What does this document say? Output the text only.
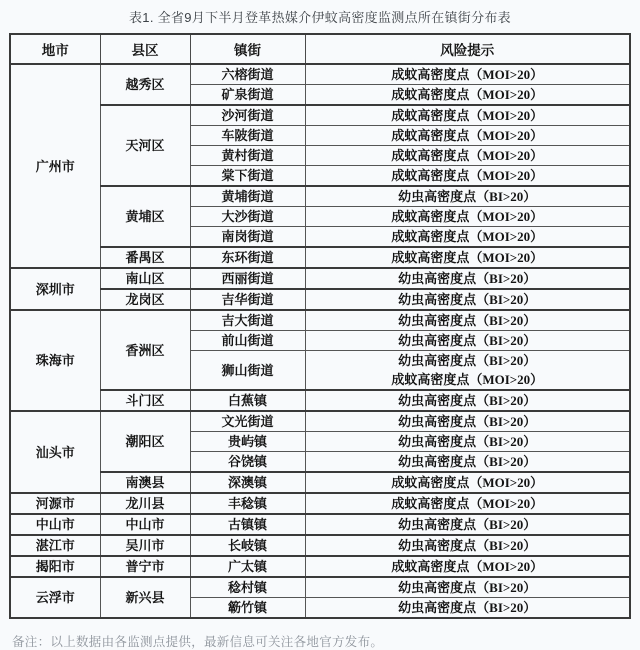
表1. 全省9月下半月登革热媒介伊蚊高密度监测点所在镇街分布表
地市	县区	镇街	风险提示
广州市	越秀区	六榕街道	成蚊高密度点（MOI>20）

		矿泉街道	成蚊高密度点（MOI>20）

	天河区	沙河街道	成蚊高密度点（MOI>20）

		车陂街道	成蚊高密度点（MOI>20）

		黄村街道	成蚊高密度点（MOI>20）

		棠下街道	成蚊高密度点（MOI>20）

	黄埔区	黄埔街道	幼虫高密度点（BI>20）

		大沙街道	成蚊高密度点（MOI>20）

		南岗街道	成蚊高密度点（MOI>20）

	番禺区	东环街道	成蚊高密度点（MOI>20）

深圳市	南山区	西丽街道	幼虫高密度点（BI>20）

	龙岗区	吉华街道	幼虫高密度点（BI>20）

珠海市	香洲区	吉大街道	幼虫高密度点（BI>20）

		前山街道	幼虫高密度点（BI>20）

		狮山街道	幼虫高密度点（BI>20）
成蚊高密度点（MOI>20）

	斗门区	白蕉镇	幼虫高密度点（BI>20）

汕头市	潮阳区	文光街道	幼虫高密度点（BI>20）

		贵屿镇	幼虫高密度点（BI>20）

		谷饶镇	幼虫高密度点（BI>20）

	南澳县	深澳镇	成蚊高密度点（MOI>20）

河源市	龙川县	丰稔镇	成蚊高密度点（MOI>20）

中山市	中山市	古镇镇	幼虫高密度点（BI>20）

湛江市	吴川市	长岐镇	幼虫高密度点（BI>20）

揭阳市	普宁市	广太镇	成蚊高密度点（MOI>20）

云浮市	新兴县	稔村镇	幼虫高密度点（BI>20）

		簕竹镇	幼虫高密度点（BI>20）
备注：以上数据由各监测点提供，最新信息可关注各地官方发布。
